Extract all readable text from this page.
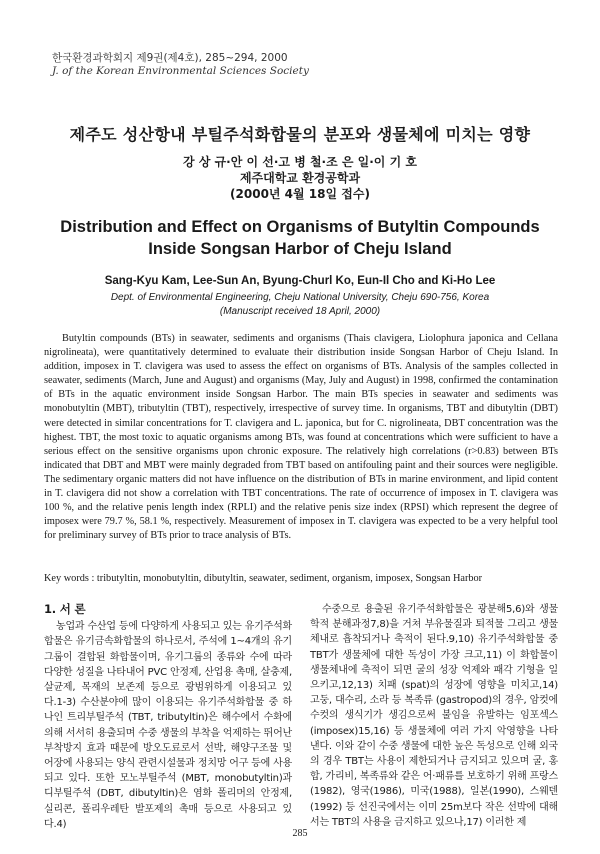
한국환경과학회지 제9권(제4호), 285~294, 2000
J. of the Korean Environmental Sciences Society
제주도 성산항내 부틸주석화합물의 분포와 생물체에 미치는 영향
강 상 규·안 이 선·고 병 철·조 은 일·이 기 호
제주대학교 환경공학과
(2000년 4월 18일 접수)
Distribution and Effect on Organisms of Butyltin Compounds
Inside Songsan Harbor of Cheju Island
Sang-Kyu Kam, Lee-Sun An, Byung-Churl Ko, Eun-Il Cho and Ki-Ho Lee
Dept. of Environmental Engineering, Cheju National University, Cheju 690-756, Korea
(Manuscript received 18 April, 2000)
Butyltin compounds (BTs) in seawater, sediments and organisms (Thais clavigera, Liolophura japonica and Cellana nigrolineata), were quantitatively determined to evaluate their distribution inside Songsan Harbor of Cheju Island. In addition, imposex in T. clavigera was used to assess the effect on organisms of BTs. Analysis of the samples collected in seawater, sediments (March, June and August) and organisms (May, July and August) in 1998, confirmed the contamination of BTs in the aquatic environment inside Songsan Harbor. The main BTs species in seawater and sediments was monobutyltin (MBT), tributyltin (TBT), respectively, irrespective of survey time. In organisms, TBT and dibutyltin (DBT) were detected in similar concentrations for T. clavigera and L. japonica, but for C. nigrolineata, DBT concentration was the highest. TBT, the most toxic to aquatic organisms among BTs, was found at concentrations which were sufficient to have a serious effect on the sensitive organisms upon chronic exposure. The relatively high correlations (r>0.83) between BTs indicated that DBT and MBT were mainly degraded from TBT based on antifouling paint and their sources were negligible. The sedimentary organic matters did not have influence on the distribution of BTs in marine environment, and lipid content in T. clavigera did not show a correlation with TBT concentrations. The rate of occurrence of imposex in T. clavigera was 100 %, and the relative penis length index (RPLI) and the relative penis size index (RPSI) which represent the degree of imposex were 79.7 %, 58.1 %, respectively. Measurement of imposex in T. clavigera was expected to be a very helpful tool for preliminary survey of BTs prior to trace analysis of BTs.
Key words : tributyltin, monobutyltin, dibutyltin, seawater, sediment, organism, imposex, Songsan Harbor
1. 서 론

농업과 수산업 등에 다양하게 사용되고 있는 유기주석화합물은 유기금속화합물의 하나로서, 주석에 1~4개의 유기그룹이 결합된 화합물이며, 유기그룹의 종류와 수에 따라 다양한 성질을 나타내어 PVC 안정제, 산업용 촉매, 살충제, 살균제, 목재의 보존제 등으로 광범위하게 이용되고 있다.1-3) 수산분야에 많이 이용되는 유기주석화합물 중 하나인 트리부틸주석 (TBT, tributyltin)은 해수에서 수화에 의해 서서히 용출되며 수중 생물의 부착을 억제하는 뛰어난 부착방지 효과 때문에 방오도료로서 선박, 해양구조물 및 어장에 사용되는 양식 관련시설물과 정치망 어구 등에 사용되고 있다. 또한 모노부틸주석 (MBT, monobutyltin)과 디부틸주석 (DBT, dibutyltin)은 염화 폴리머의 안정제, 실리콘, 폴리우레탄 발포제의 촉매 등으로 사용되고 있다.4)

수중으로 용출된 유기주석화합물은 광분해5,6)와 생물학적 분해과정7,8)을 거쳐 부유물질과 퇴적물 그리고 생물체내로 흡착되거나 축적이 된다.9,10) 유기주석화합물 중 TBT가 생물체에 대한 독성이 가장 크고,11) 이 화합물이 생물체내에 축적이 되면 굴의 성장 억제와 패각 기형을 일으키고,12,13) 치패 (spat)의 성장에 영향을 미치고,14) 고둥, 대수리, 소라 등 복족류 (gastropod)의 경우, 암컷에 수컷의 생식기가 생김으로써 불임을 유발하는 임포섹스 (imposex)15,16) 등 생물체에 여러 가지 악영향을 나타낸다. 이와 같이 수중 생물에 대한 높은 독성으로 인해 외국의 경우 TBT는 사용이 제한되거나 금지되고 있으며 굴, 홍합, 가리비, 복족류와 같은 어·패류를 보호하기 위해 프랑스(1982), 영국(1986), 미국(1988), 일본(1990), 스웨덴(1992) 등 선진국에서는 이미 25m보다 작은 선박에 대해서는 TBT의 사용을 금지하고 있으나,17) 이러한 제

285
